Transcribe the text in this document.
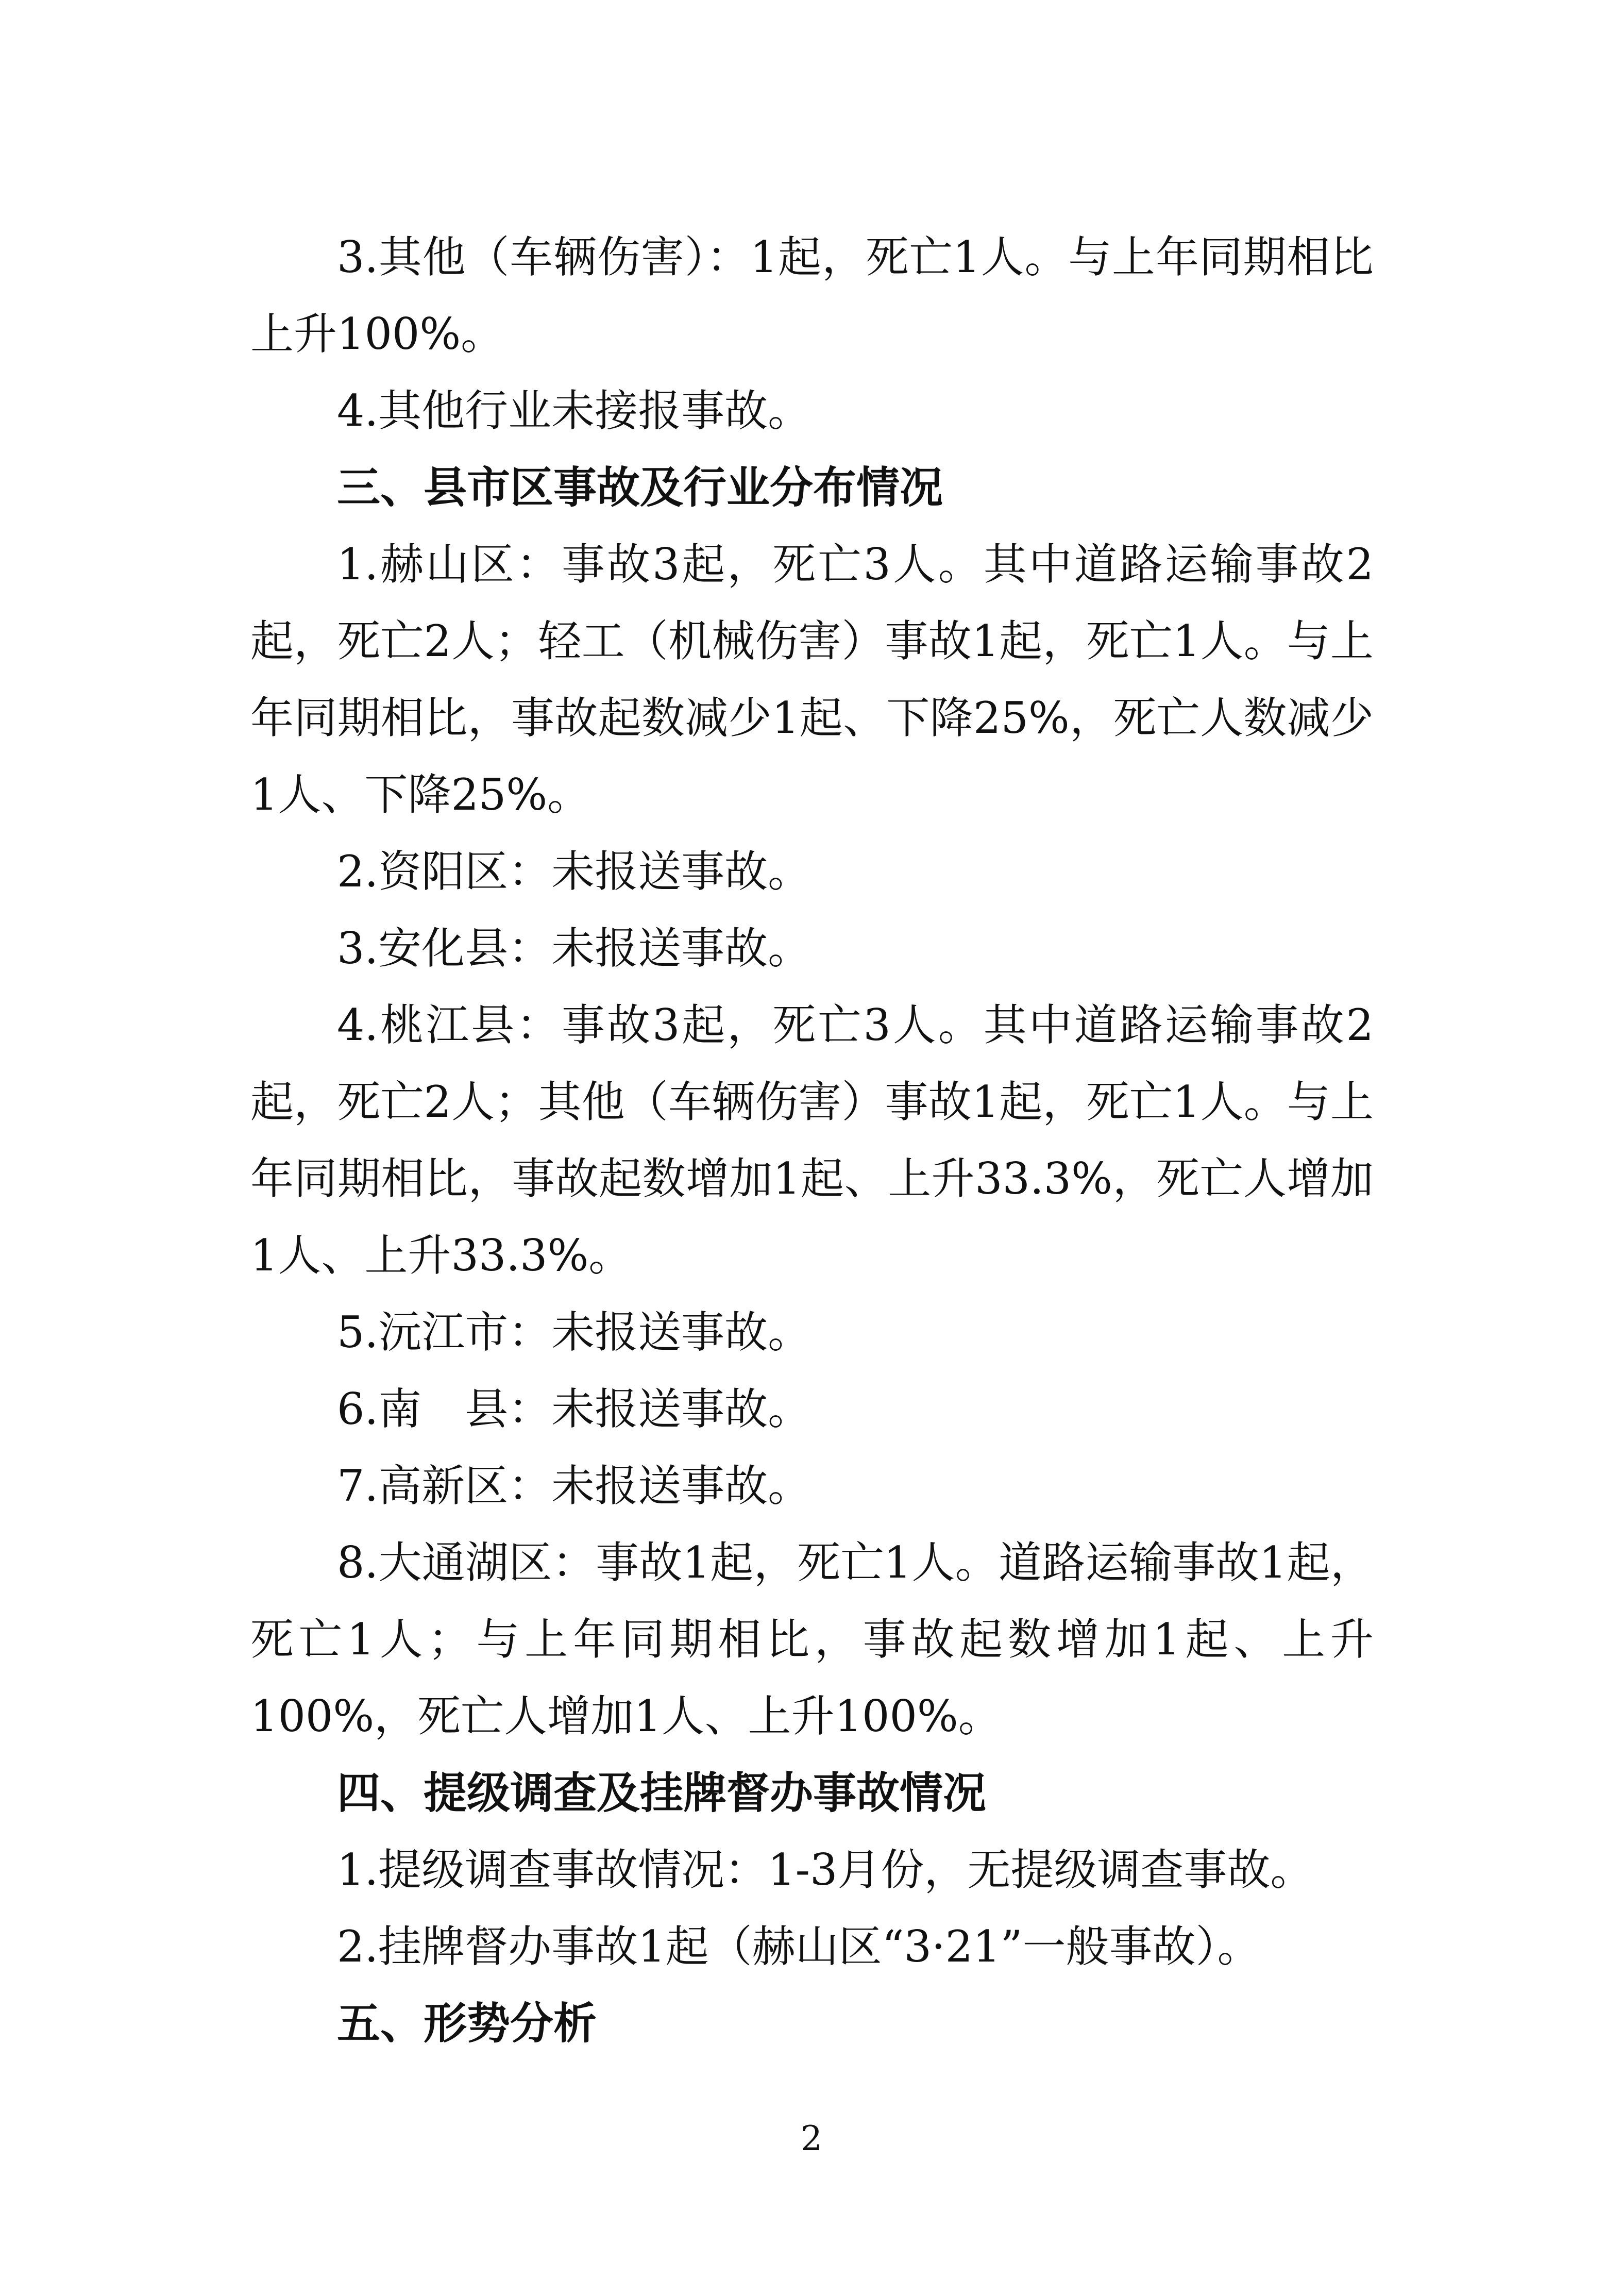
3.其他（车辆伤害）：1起，死亡1人。与上年同期相比上升100%。

4.其他行业未接报事故。

三、县市区事故及行业分布情况

1.赫山区：事故3起，死亡3人。其中道路运输事故2起，死亡2人；轻工（机械伤害）事故1起，死亡1人。与上年同期相比，事故起数减少1起、下降25%，死亡人数减少1人、下降25%。

2.资阳区：未报送事故。

3.安化县：未报送事故。

4.桃江县：事故3起，死亡3人。其中道路运输事故2起，死亡2人；其他（车辆伤害）事故1起，死亡1人。与上年同期相比，事故起数增加1起、上升33.3%，死亡人增加1人、上升33.3%。

5.沅江市：未报送事故。

6.南　县：未报送事故。

7.高新区：未报送事故。

8.大通湖区：事故1起，死亡1人。道路运输事故1起，死亡1人；与上年同期相比，事故起数增加1起、上升100%，死亡人增加1人、上升100%。

四、提级调查及挂牌督办事故情况

1.提级调查事故情况：1-3月份，无提级调查事故。

2.挂牌督办事故1起（赫山区“3·21”一般事故）。

五、形势分析

2
